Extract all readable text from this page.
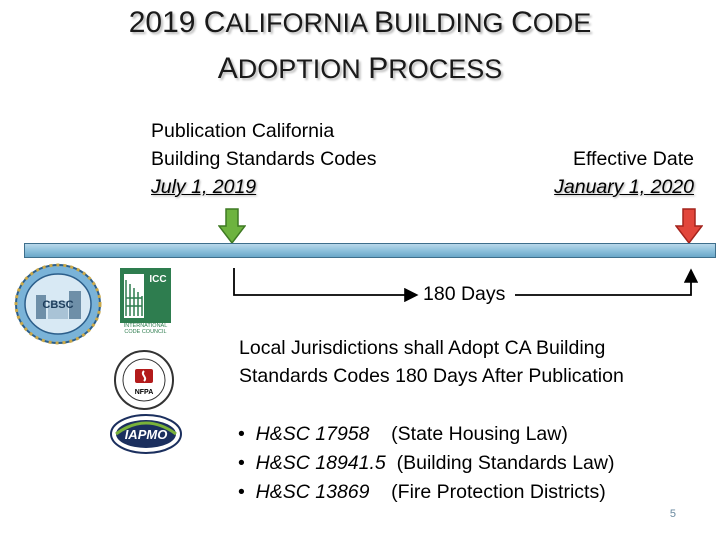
2019 CALIFORNIA BUILDING CODE
ADOPTION PROCESS
Publication California
Building Standards Codes
July 1, 2019
Effective Date
January 1, 2020
180 Days
Local Jurisdictions shall Adopt CA Building
Standards Codes 180 Days After Publication
•  H&SC 17958    (State Housing Law)
•  H&SC 18941.5 (Building Standards Law)
•  H&SC 13869    (Fire Protection Districts)
CBSC
ICC
INTERNATIONAL CODE COUNCIL
NFPA
IAPMO
5
